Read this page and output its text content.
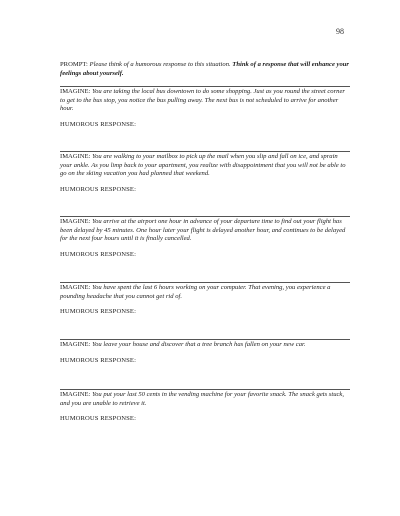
98
PROMPT: Please think of a humorous response to this situation. Think of a response that will enhance your feelings about yourself.
IMAGINE: You are taking the local bus downtown to do some shopping. Just as you round the street corner to get to the bus stop, you notice the bus pulling away. The next bus is not scheduled to arrive for another hour.
HUMOROUS RESPONSE:
IMAGINE: You are walking to your mailbox to pick up the mail when you slip and fall on ice, and sprain your ankle. As you limp back to your apartment, you realize with disappointment that you will not be able to go on the skiing vacation you had planned that weekend.
HUMOROUS RESPONSE:
IMAGINE: You arrive at the airport one hour in advance of your departure time to find out your flight has been delayed by 45 minutes. One hour later your flight is delayed another hour, and continues to be delayed for the next four hours until it is finally cancelled.
HUMOROUS RESPONSE:
IMAGINE: You have spent the last 6 hours working on your computer. That evening, you experience a pounding headache that you cannot get rid of.
HUMOROUS RESPONSE:
IMAGINE: You leave your house and discover that a tree branch has fallen on your new car.
HUMOROUS RESPONSE:
IMAGINE: You put your last 50 cents in the vending machine for your favorite snack. The snack gets stuck, and you are unable to retrieve it.
HUMOROUS RESPONSE:
